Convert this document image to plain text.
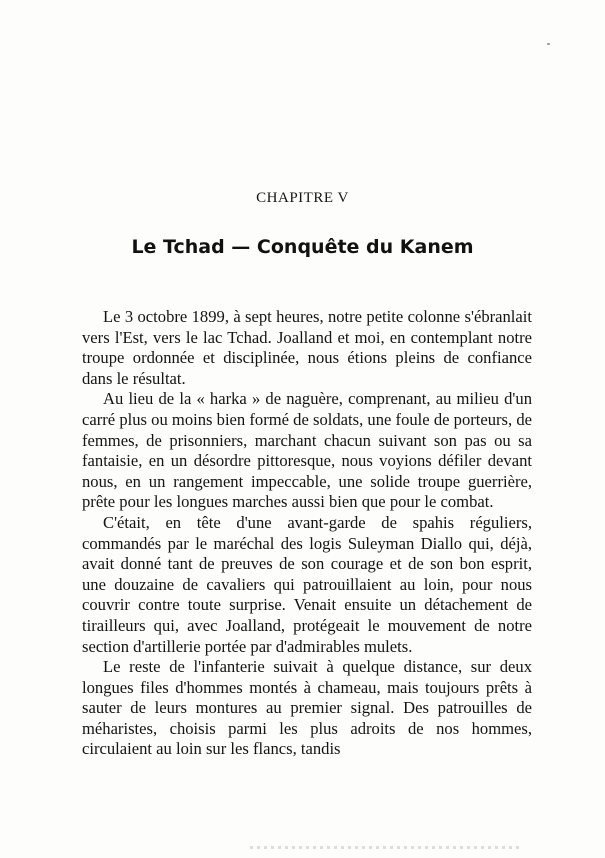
CHAPITRE V
Le Tchad — Conquête du Kanem

Le 3 octobre 1899, à sept heures, notre petite colonne s'ébranlait vers l'Est, vers le lac Tchad. Joalland et moi, en contemplant notre troupe ordonnée et disciplinée, nous étions pleins de confiance dans le résultat.

Au lieu de la « harka » de naguère, comprenant, au milieu d'un carré plus ou moins bien formé de soldats, une foule de porteurs, de femmes, de prisonniers, marchant chacun suivant son pas ou sa fantaisie, en un désordre pittoresque, nous voyions défiler devant nous, en un rangement impeccable, une solide troupe guerrière, prête pour les longues marches aussi bien que pour le combat.

C'était, en tête d'une avant-garde de spahis réguliers, commandés par le maréchal des logis Suleyman Diallo qui, déjà, avait donné tant de preuves de son courage et de son bon esprit, une douzaine de cavaliers qui patrouillaient au loin, pour nous couvrir contre toute surprise. Venait ensuite un détachement de tirailleurs qui, avec Joalland, protégeait le mouvement de notre section d'artillerie portée par d'admirables mulets.

Le reste de l'infanterie suivait à quelque distance, sur deux longues files d'hommes montés à chameau, mais toujours prêts à sauter de leurs montures au premier signal. Des patrouilles de méharistes, choisis parmi les plus adroits de nos hommes, circulaient au loin sur les flancs, tandis
